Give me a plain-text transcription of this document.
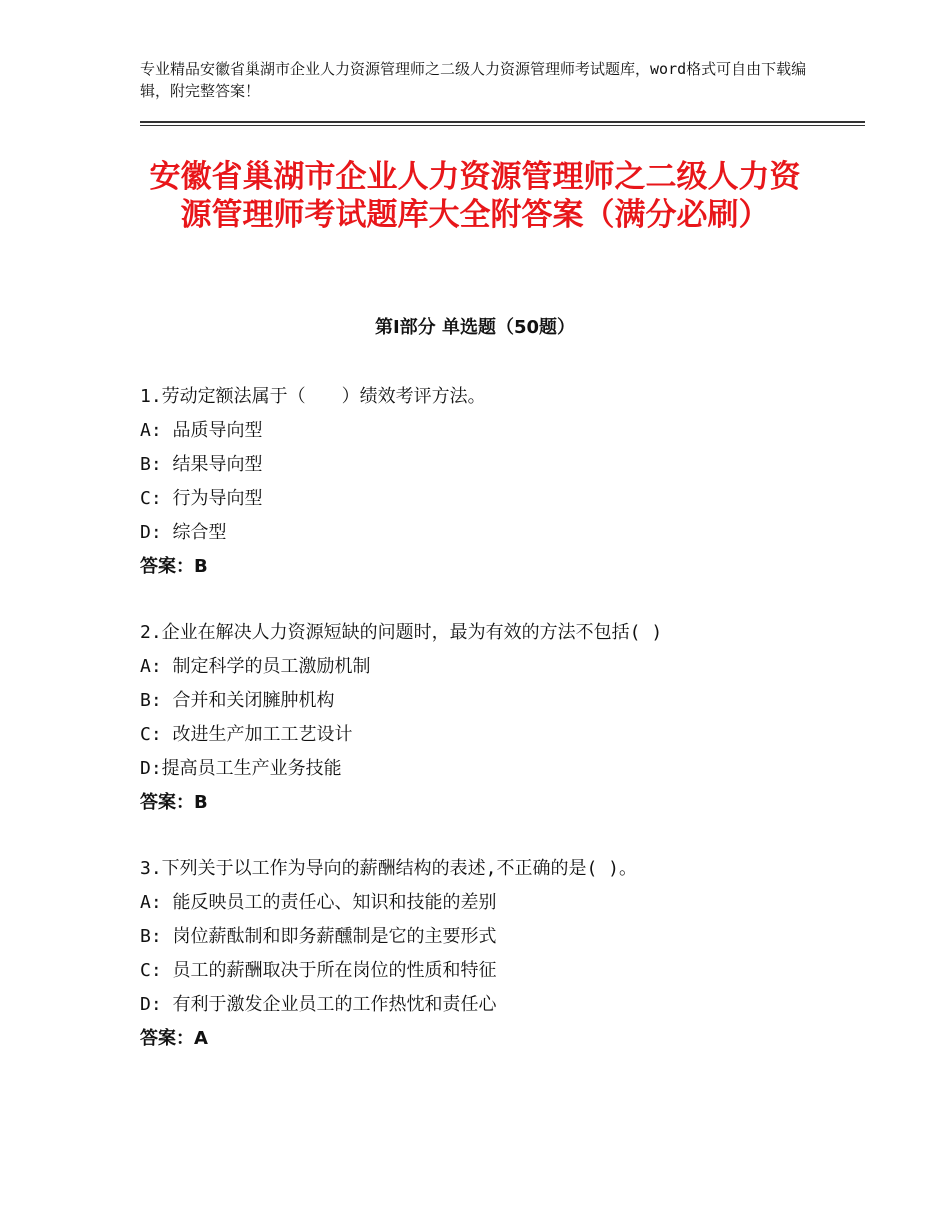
专业精品安徽省巢湖市企业人力资源管理师之二级人力资源管理师考试题库，word格式可自由下载编辑，附完整答案！
安徽省巢湖市企业人力资源管理师之二级人力资源管理师考试题库大全附答案（满分必刷）
第Ⅰ部分 单选题（50题）
1.劳动定额法属于（　　）绩效考评方法。
A: 品质导向型
B: 结果导向型
C: 行为导向型
D: 综合型
答案：B
2.企业在解决人力资源短缺的问题时，最为有效的方法不包括( )
A: 制定科学的员工激励机制
B: 合并和关闭臃肿机构
C: 改进生产加工工艺设计
D:提高员工生产业务技能
答案：B
3.下列关于以工作为导向的薪酬结构的表述,不正确的是( )。
A: 能反映员工的责任心、知识和技能的差别
B: 岗位薪酞制和即务薪醺制是它的主要形式
C: 员工的薪酬取决于所在岗位的性质和特征
D: 有利于激发企业员工的工作热忱和责任心
答案：A
